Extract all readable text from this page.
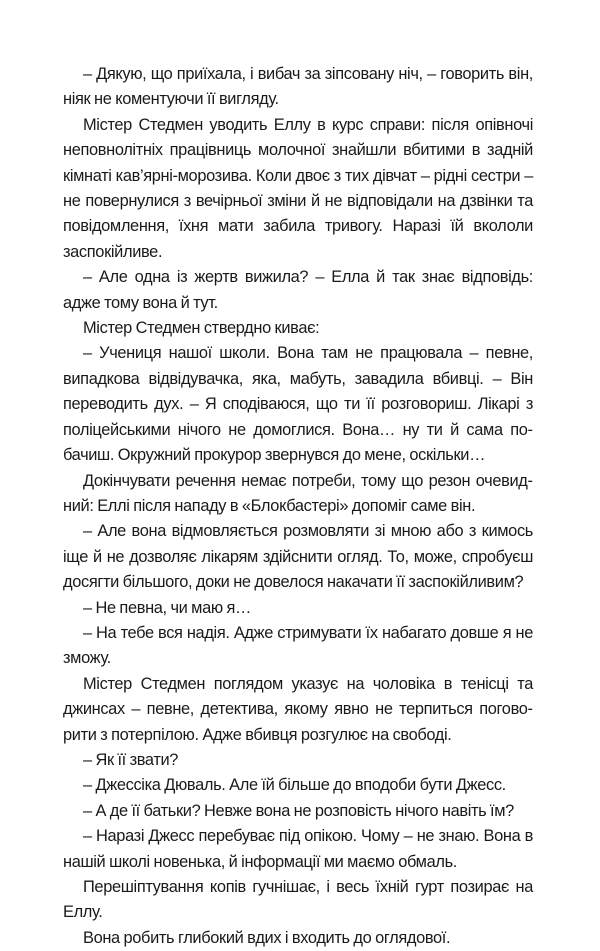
– Дякую, що приїхала, і вибач за зіпсовану ніч, – говорить він, ніяк не коментуючи її вигляду.

Містер Стедмен уводить Еллу в курс справи: після опівночі неповнолітніх працівниць молочної знайшли вбитими в задній кімнаті кав’ярні-морозива. Коли двоє з тих дівчат – рідні сестри – не повернулися з вечірньої зміни й не відповідали на дзвінки та повідомлення, їхня мати забила тривогу. Наразі їй вкололи заспокійливе.

– Але одна із жертв вижила? – Елла й так знає відповідь: адже тому вона й тут.

Містер Стедмен ствердно киває:

– Учениця нашої школи. Вона там не працювала – певне, випадкова відвідувачка, яка, мабуть, завадила вбивці. – Він переводить дух. – Я сподіваюся, що ти її розговориш. Лікарі з поліцейськими нічого не домоглися. Вона… ну ти й сама побачиш. Окружний прокурор звернувся до мене, оскільки…

Докінчувати речення немає потреби, тому що резон очевидний: Еллі після нападу в «Блокбастері» допоміг саме він.

– Але вона відмовляється розмовляти зі мною або з кимось іще й не дозволяє лікарям здійснити огляд. То, може, спробуєш досягти більшого, доки не довелося накачати її заспокійливим?

– Не певна, чи маю я…

– На тебе вся надія. Адже стримувати їх набагато довше я не зможу.

Містер Стедмен поглядом указує на чоловіка в тенісці та джинсах – певне, детектива, якому явно не терпиться поговорити з потерпілою. Адже вбивця розгулює на свободі.

– Як її звати?

– Джессіка Дюваль. Але їй більше до вподоби бути Джесс.

– А де її батьки? Невже вона не розповість нічого навіть їм?

– Наразі Джесс перебуває під опікою. Чому – не знаю. Вона в нашій школі новенька, й інформації ми маємо обмаль.

Перешіптування копів гучнішає, і весь їхній гурт позирає на Еллу.

Вона робить глибокий вдих і входить до оглядової.
